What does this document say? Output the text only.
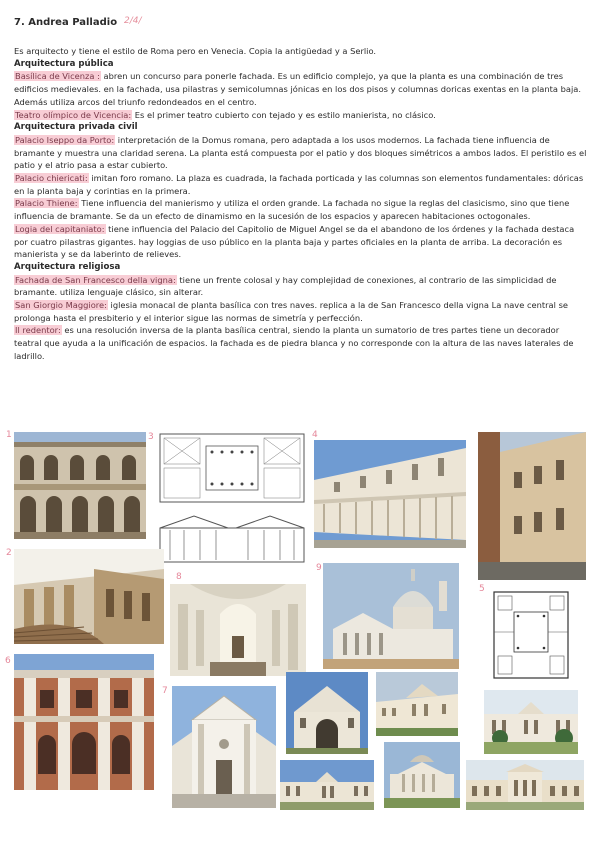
7. Andrea Palladio 2/4/

Es arquitecto y tiene el estilo de Roma pero en Venecia. Copia la antigüedad y a Serlio.

Arquitectura pública

Basílica de Vicenza : abren un concurso para ponerle fachada. Es un edificio complejo, ya que la planta es una combinación de tres edificios medievales. en la fachada, usa pilastras y semicolumnas jónicas en los dos pisos y columnas doricas exentas en la planta baja. Además utiliza arcos del triunfo redondeados en el centro.

Teatro olímpico de Vicencia: Es el primer teatro cubierto con tejado y es estilo manierista, no clásico.

Arquitectura privada civil

Palacio Iseppo da Porto: interpretación de la Domus romana, pero adaptada a los usos modernos. La fachada tiene influencia de bramante y muestra una claridad serena. La planta está compuesta por el patio y dos bloques simétricos a ambos lados. El peristilo es el patio y el atrio pasa a estar cubierto.

Palacio chiericati: imitan foro romano. La plaza es cuadrada, la fachada porticada y las columnas son elementos fundamentales: dóricas en la planta baja y corintias en la primera.

Palacio Thiene: Tiene influencia del manierismo y utiliza el orden grande. La fachada no sigue la reglas del clasicismo, sino que tiene influencia de bramante. Se da un efecto de dinamismo en la sucesión de los espacios y aparecen habitaciones octogonales.

Logia del capitaniato: tiene influencia del Palacio del Capitolio de Miguel Angel se da el abandono de los órdenes y la fachada destaca por cuatro pilastras gigantes. hay loggias de uso público en la planta baja y partes oficiales en la planta de arriba. La decoración es manierista y se da laberinto de relieves.

Arquitectura religiosa

Fachada de San Francesco della vigna: tiene un frente colosal y hay complejidad de conexiones, al contrario de las simplicidad de bramante. utiliza lenguaje clásico, sin alterar.

San Giorgio Maggiore: iglesia monacal de planta basílica con tres naves. replica a la de San Francesco della vigna La nave central se prolonga hasta el presbiterio y el interior sigue las normas de simetría y perfección.

Il redentor: es una resolución inversa de la planta basílica central, siendo la planta un sumatorio de tres partes tiene un decorador teatral que ayuda a la unificación de espacios. la fachada es de piedra blanca y no corresponde con la altura de las naves laterales de ladrillo.

1	3	4
2
8
9
5
6
7
